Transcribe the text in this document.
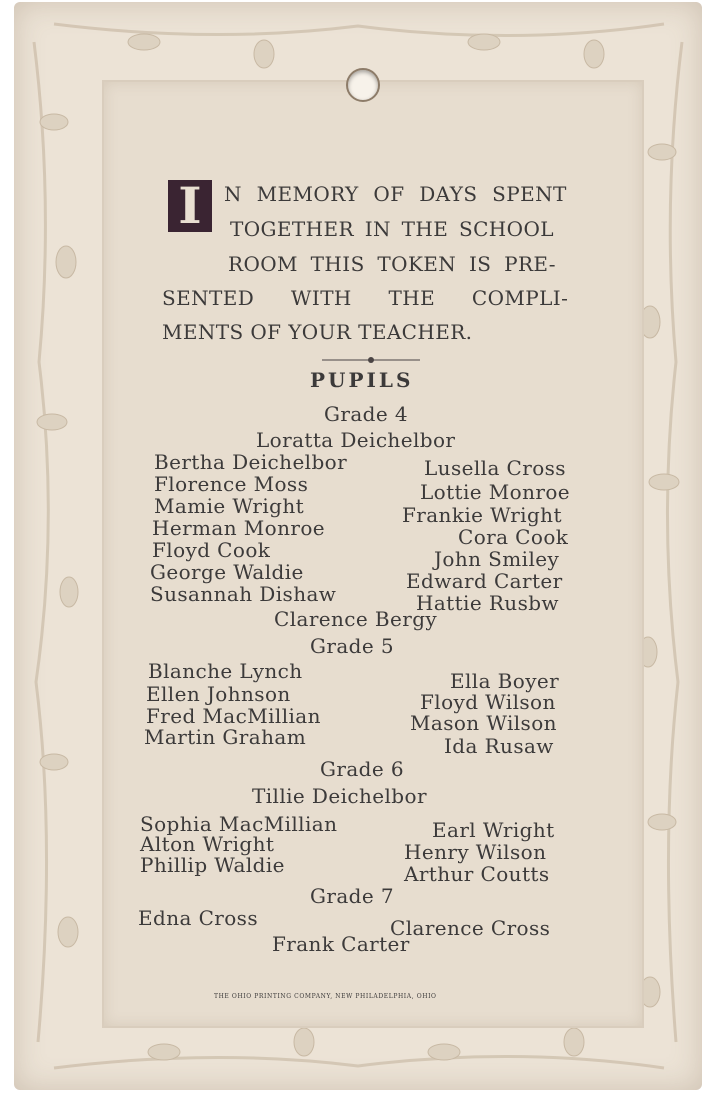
I	N MEMORY OF DAYS SPENT
TOGETHER IN THE SCHOOL
ROOM THIS TOKEN IS PRE-
SENTED WITH THE COMPLI-
MENTS OF YOUR TEACHER.
PUPILS
Grade 4
Loratta Deichelbor
Bertha Deichelbor
Florence Moss
Mamie Wright
Herman Monroe
Floyd Cook
George Waldie
Susannah Dishaw
Lusella Cross
Lottie Monroe
Frankie Wright
Cora Cook
John Smiley
Edward Carter
Hattie Rusbw
Clarence Bergy
Grade 5
Blanche Lynch
Ellen Johnson
Fred MacMillian
Martin Graham
Ella Boyer
Floyd Wilson
Mason Wilson
Ida Rusaw
Grade 6
Tillie Deichelbor
Sophia MacMillian
Alton Wright
Phillip Waldie
Earl Wright
Henry Wilson
Arthur Coutts
Grade 7
Edna Cross	Clarence Cross
Frank Carter
THE OHIO PRINTING COMPANY, NEW PHILADELPHIA, OHIO
